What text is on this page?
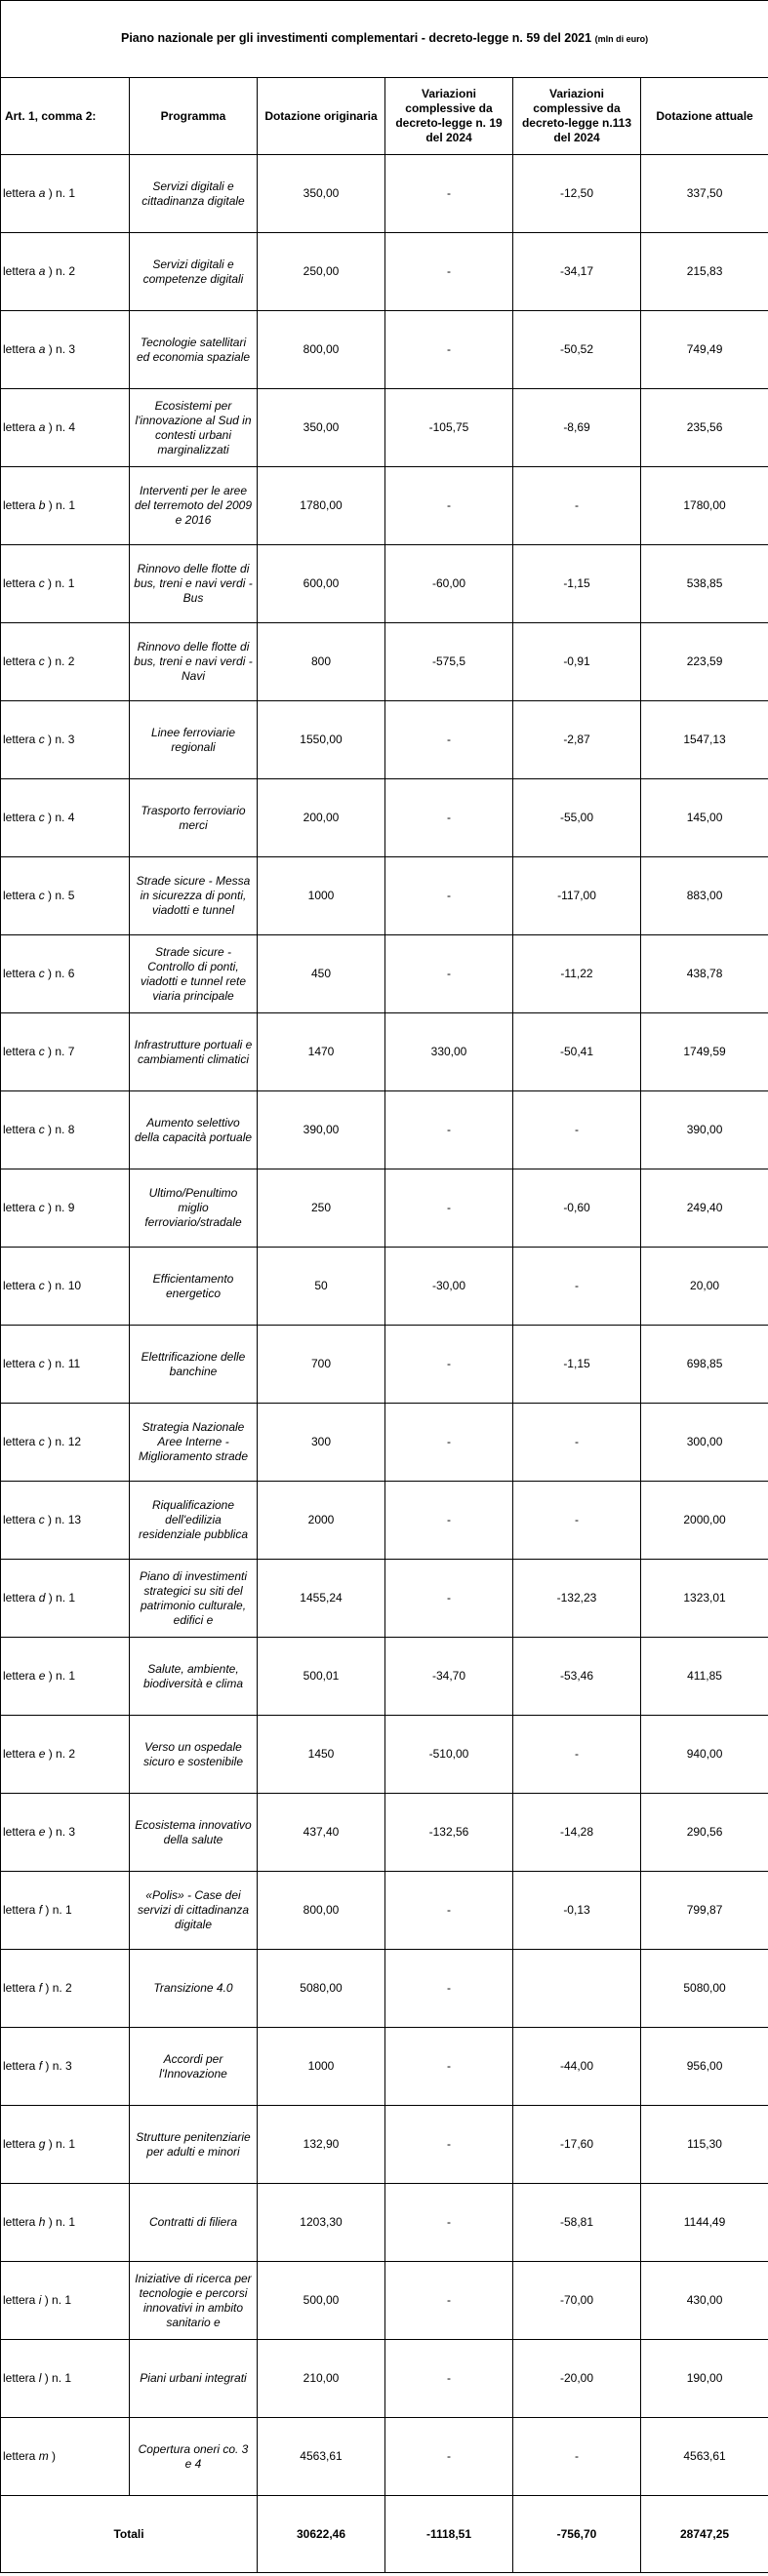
Piano nazionale per gli investimenti complementari - decreto-legge n. 59 del 2021 (mln di euro)					
Art. 1, comma 2:	Programma	Dotazione originaria	Variazioni complessive da decreto-legge n. 19 del 2024	Variazioni complessive da decreto-legge n.113 del 2024	Dotazione attuale
lettera a ) n. 1	Servizi digitali e cittadinanza digitale	350,00	-	-12,50	337,50
lettera a ) n. 2	Servizi digitali e competenze digitali	250,00	-	-34,17	215,83
lettera a ) n. 3	Tecnologie satellitari ed economia spaziale	800,00	-	-50,52	749,49
lettera a ) n. 4	Ecosistemi per l'innovazione al Sud in contesti urbani marginalizzati	350,00	-105,75	-8,69	235,56
lettera b ) n. 1	Interventi per le aree del terremoto del 2009 e 2016	1780,00	-	-	1780,00
lettera c ) n. 1	Rinnovo delle flotte di bus, treni e navi verdi - Bus	600,00	-60,00	-1,15	538,85
lettera c ) n. 2	Rinnovo delle flotte di bus, treni e navi verdi - Navi	800	-575,5	-0,91	223,59
lettera c ) n. 3	Linee ferroviarie regionali	1550,00	-	-2,87	1547,13
lettera c ) n. 4	Trasporto ferroviario merci	200,00	-	-55,00	145,00
lettera c ) n. 5	Strade sicure - Messa in sicurezza di ponti, viadotti e tunnel	1000	-	-117,00	883,00
lettera c ) n. 6	Strade sicure - Controllo di ponti, viadotti e tunnel rete viaria principale	450	-	-11,22	438,78
lettera c ) n. 7	Infrastrutture portuali e cambiamenti climatici	1470	330,00	-50,41	1749,59
lettera c ) n. 8	Aumento selettivo della capacità portuale	390,00	-	-	390,00
lettera c ) n. 9	Ultimo/Penultimo miglio ferroviario/stradale	250	-	-0,60	249,40
lettera c ) n. 10	Efficientamento energetico	50	-30,00	-	20,00
lettera c ) n. 11	Elettrificazione delle banchine	700	-	-1,15	698,85
lettera c ) n. 12	Strategia Nazionale Aree Interne - Miglioramento strade	300	-	-	300,00
lettera c ) n. 13	Riqualificazione dell'edilizia residenziale pubblica	2000	-	-	2000,00
lettera d ) n. 1	Piano di investimenti strategici su siti del patrimonio culturale, edifici e	1455,24	-	-132,23	1323,01
lettera e ) n. 1	Salute, ambiente, biodiversità e clima	500,01	-34,70	-53,46	411,85
lettera e ) n. 2	Verso un ospedale sicuro e sostenibile	1450	-510,00	-	940,00
lettera e ) n. 3	Ecosistema innovativo della salute	437,40	-132,56	-14,28	290,56
lettera f ) n. 1	«Polis» - Case dei servizi di cittadinanza digitale	800,00	-	-0,13	799,87
lettera f ) n. 2	Transizione 4.0	5080,00	-		5080,00
lettera f ) n. 3	Accordi per l'Innovazione	1000	-	-44,00	956,00
lettera g ) n. 1	Strutture penitenziarie per adulti e minori	132,90	-	-17,60	115,30
lettera h ) n. 1	Contratti di filiera	1203,30	-	-58,81	1144,49
lettera i ) n. 1	Iniziative di ricerca per tecnologie e percorsi innovativi in ambito sanitario e	500,00	-	-70,00	430,00
lettera l ) n. 1	Piani urbani integrati	210,00	-	-20,00	190,00
lettera m )	Copertura oneri co. 3 e 4	4563,61	-	-	4563,61
Totali		30622,46	-1118,51	-756,70	28747,25
